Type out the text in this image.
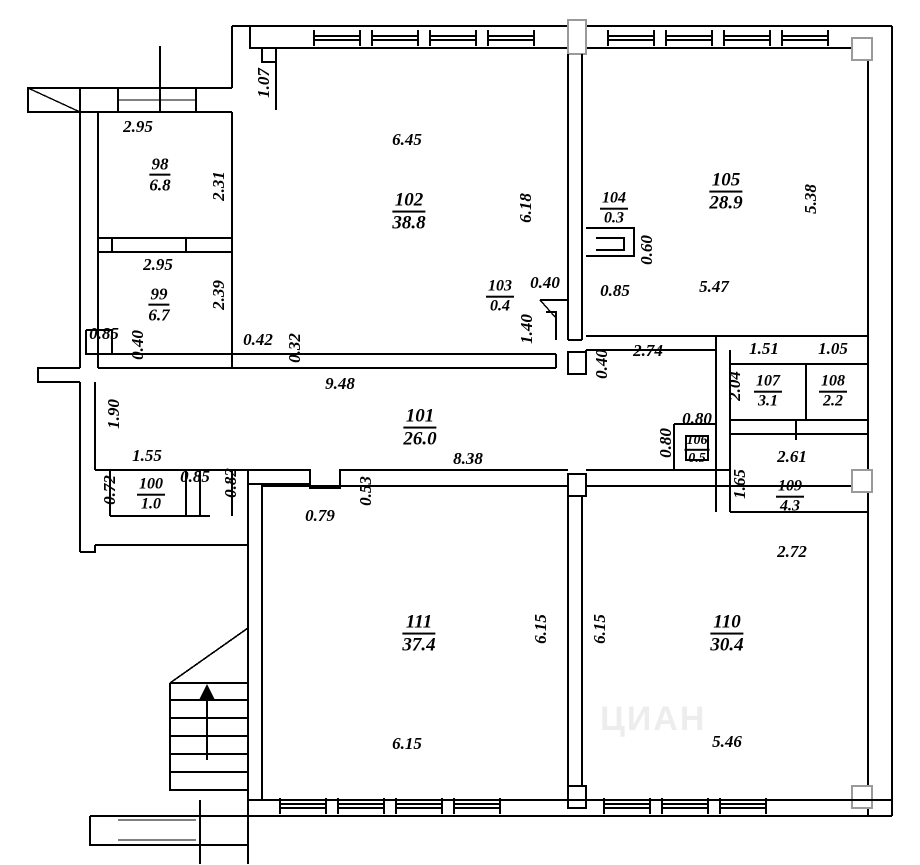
ЦИАН
98
6.8
99
6.7
100
1.0
101
26.0
102
38.8
103
0.4
104
0.3
105
28.9
106
0.5
107
3.1
108
2.2
109
4.3
110
30.4
111
37.4
2.95
1.07
6.45
2.31
6.18	5.38
0.60
2.95
2.39	0.85	5.47
0.40
1.40
0.85 0.40	0.42 0.32
0.40 2.74	1.51 1.05
9.48	2.04
1.90	0.80
0.80
1.55	8.38	2.61
0.85 0.82
0.72	1.65
0.53
0.79
2.72
6.15 6.15
6.15	5.46
